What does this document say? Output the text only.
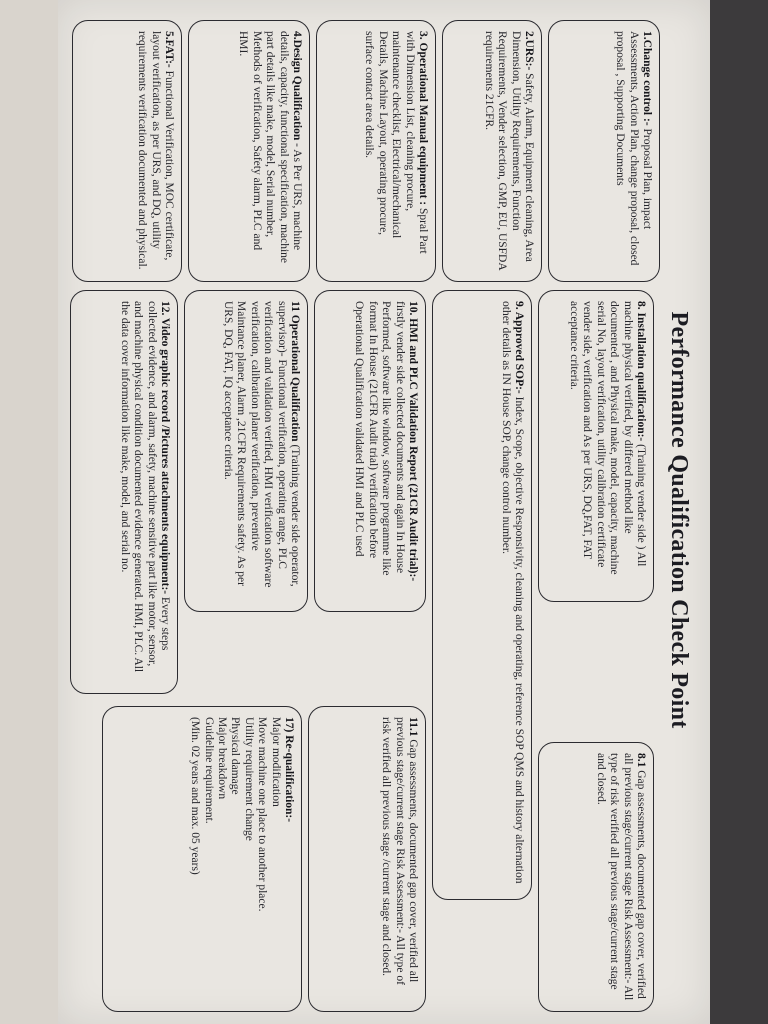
Performance Qualification Check Point
1.Change control :- Proposal Plan, impact Assessments, Action Plan, change proposal, closed proposal , Supporting Documents
2.URS:- Safety, Alarm, Equipment cleaning, Area Dimension, Utility Requirements, Function Requirements, Vender selection, GMP, EU, USFDA requirements 21CFR.
3. Operational Manual equipment : Spral Part with Dimension List, cleaning procure, maintenance checklist, Electrical/mechanical Details, Machine Layout, operating procure, surface contact area details.
4.Design Qualification - As Per URS, machine details, capacity, functional specification, machine part details like make, model, Serial number, Methods of verification, Safety alarm, PLC and HMI.
5.FAT:- Functional Verification, MOC certificate, layout verification, as per URS, and DQ, utility requirements verification documented and physical.
8. Installation qualification:- (Training vender side ) All machine physical verified, by differed method like documented , and Physical make, model, capacity, machine serial No, layout verification, utility calibration certificate vender side, verification and As per URS, DQ,FAT, FAT acceptance criteria.
9. Approved SOP:- Index, Scope, objective Responsivity, cleaning and operating, reference SOP QMS and history alternation other details as IN House SOP, change control number.
10. HMI and PLC Validation Report (21CR Audit trial):- firstly vender side collected documents and again In House Performed, software like window, software programme like format In House (21CFR Audit trial) verification before Operational Qualification validated HMI and PLC used
11 Operational Qualification (Training vender side operator, supervisor)- Functional verification, operating range, PLC verification and validation verified, HMI verification software verification, calibration planer verification, preventive Maintance planer, Alarm ,21CFR Requirements safety. As per URS, DQ, FAT, IQ acceptance criteria.
12. Video graphic record /Pictures attachments equipment:- Every steps collected evidence, and alarm, safety, machine sensitive part like motor, sensor, and machine physical condition documented evidence generated. HMI, PLC. All the data cover information like make, model, and serial no.
8.1 Gap assessments, documented gap cover, verified all previous stage/current stage Risk Assessment:- All type of risk verified all previous stage/current stage and closed.
11.1 Gap assessments, documented gap cover, verified all previous stage/current stage Risk Assessment:- All type of risk verified all previous stage /current stage and closed.
17) Re-qualification:-
Major modification
Move machine one place to another place.
Utility requirement change
Physical damage
Major breakdown
Guideline requirement.
(Min. 02 years and max. 05 years)
